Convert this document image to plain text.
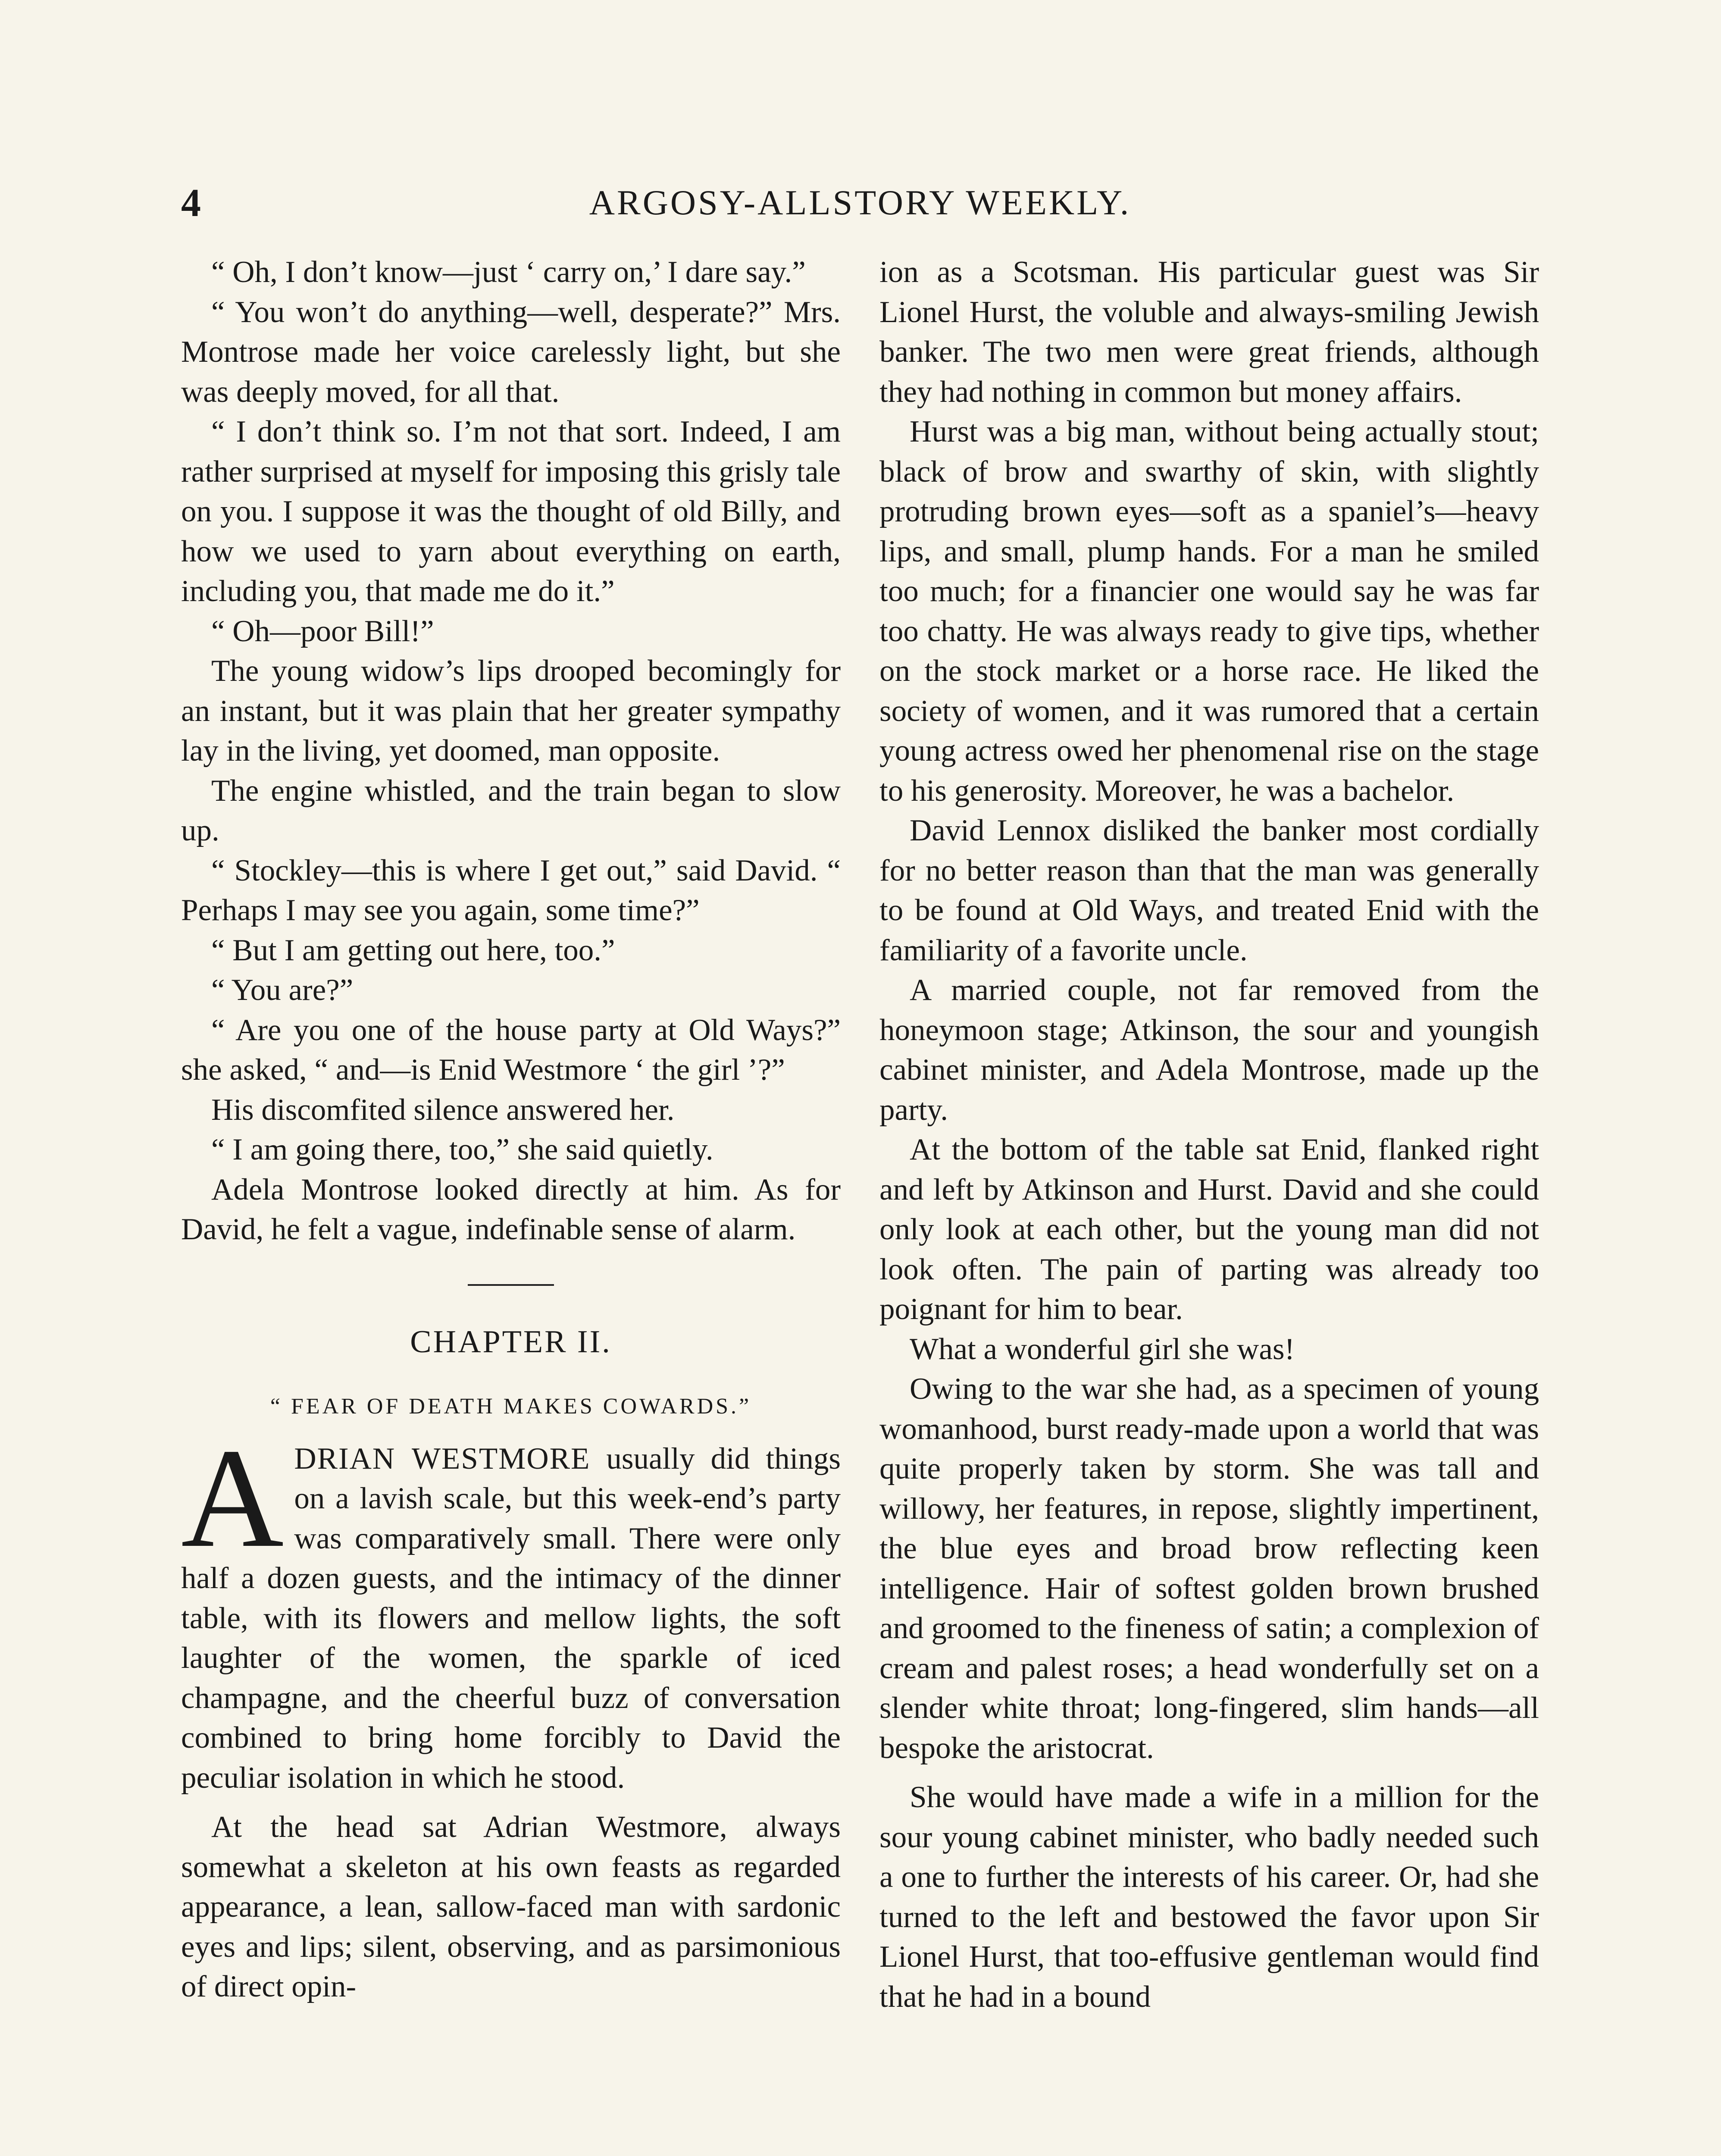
4	ARGOSY-ALLSTORY WEEKLY.

“ Oh, I don’t know—just ‘ carry on,’ I dare say.”

“ You won’t do anything—well, desperate?” Mrs. Montrose made her voice carelessly light, but she was deeply moved, for all that.

“ I don’t think so. I’m not that sort. Indeed, I am rather surprised at myself for imposing this grisly tale on you. I suppose it was the thought of old Billy, and how we used to yarn about everything on earth, including you, that made me do it.”

“ Oh—poor Bill!”

The young widow’s lips drooped becomingly for an instant, but it was plain that her greater sympathy lay in the living, yet doomed, man opposite.

The engine whistled, and the train began to slow up.

“ Stockley—this is where I get out,” said David. “ Perhaps I may see you again, some time?”

“ But I am getting out here, too.”

“ You are?”

“ Are you one of the house party at Old Ways?” she asked, “ and—is Enid Westmore ‘ the girl ’?”

His discomfited silence answered her.

“ I am going there, too,” she said quietly.

Adela Montrose looked directly at him. As for David, he felt a vague, indefinable sense of alarm.

CHAPTER II.
“ FEAR OF DEATH MAKES COWARDS.”

ADRIAN WESTMORE usually did things on a lavish scale, but this week-end’s party was comparatively small. There were only half a dozen guests, and the intimacy of the dinner table, with its flowers and mellow lights, the soft laughter of the women, the sparkle of iced champagne, and the cheerful buzz of conversation combined to bring home forcibly to David the peculiar isolation in which he stood.

At the head sat Adrian Westmore, always somewhat a skeleton at his own feasts as regarded appearance, a lean, sallow-faced man with sardonic eyes and lips; silent, observing, and as parsimonious of direct opin-

ion as a Scotsman. His particular guest was Sir Lionel Hurst, the voluble and always-smiling Jewish banker. The two men were great friends, although they had nothing in common but money affairs.

Hurst was a big man, without being actually stout; black of brow and swarthy of skin, with slightly protruding brown eyes—soft as a spaniel’s—heavy lips, and small, plump hands. For a man he smiled too much; for a financier one would say he was far too chatty. He was always ready to give tips, whether on the stock market or a horse race. He liked the society of women, and it was rumored that a certain young actress owed her phenomenal rise on the stage to his generosity. Moreover, he was a bachelor.

David Lennox disliked the banker most cordially for no better reason than that the man was generally to be found at Old Ways, and treated Enid with the familiarity of a favorite uncle.

A married couple, not far removed from the honeymoon stage; Atkinson, the sour and youngish cabinet minister, and Adela Montrose, made up the party.

At the bottom of the table sat Enid, flanked right and left by Atkinson and Hurst. David and she could only look at each other, but the young man did not look often. The pain of parting was already too poignant for him to bear.

What a wonderful girl she was!

Owing to the war she had, as a specimen of young womanhood, burst ready-made upon a world that was quite properly taken by storm. She was tall and willowy, her features, in repose, slightly impertinent, the blue eyes and broad brow reflecting keen intelligence. Hair of softest golden brown brushed and groomed to the fineness of satin; a complexion of cream and palest roses; a head wonderfully set on a slender white throat; long-fingered, slim hands—all bespoke the aristocrat.

She would have made a wife in a million for the sour young cabinet minister, who badly needed such a one to further the interests of his career. Or, had she turned to the left and bestowed the favor upon Sir Lionel Hurst, that too-effusive gentleman would find that he had in a bound
